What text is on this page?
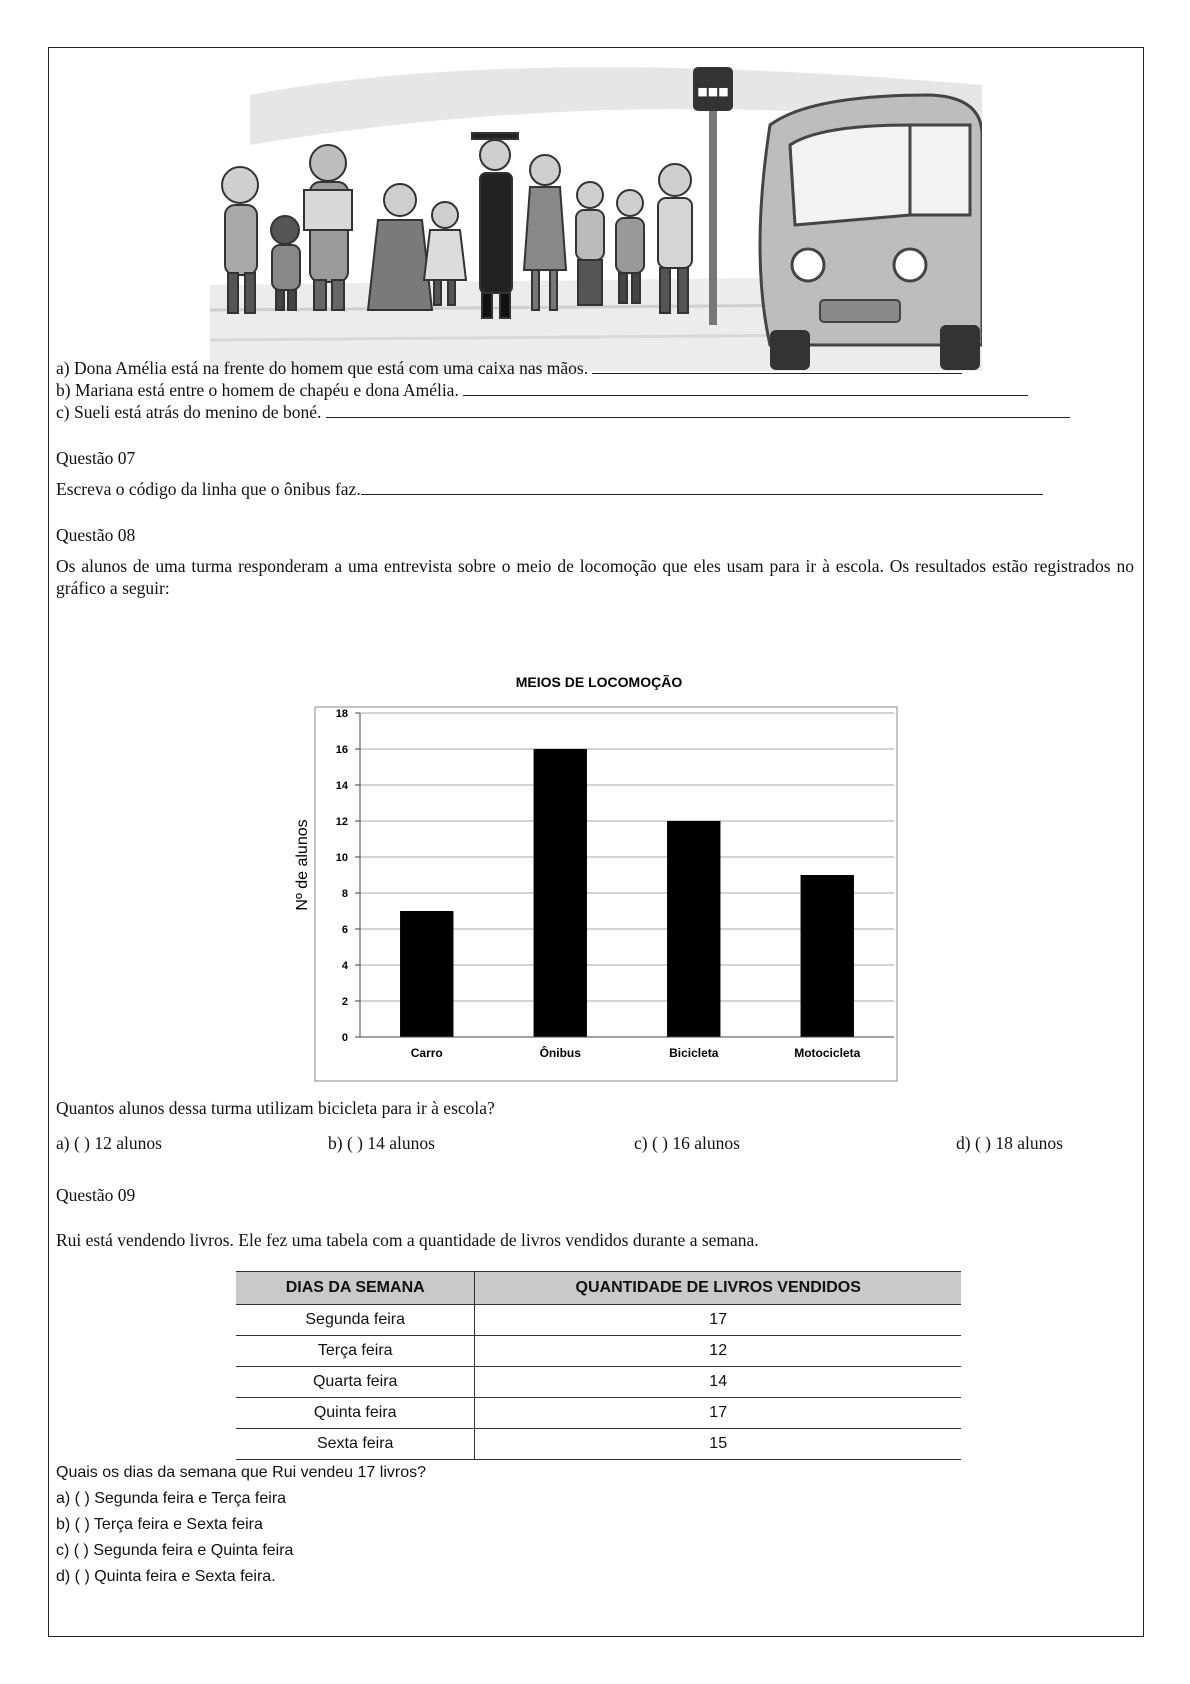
■■■
a) Dona Amélia está na frente do homem que está com uma caixa nas mãos.
b) Mariana está entre o homem de chapéu e dona Amélia.
c) Sueli está atrás do menino de boné.
Questão 07
Escreva o código da linha que o ônibus faz.
Questão 08
Os alunos de uma turma responderam a uma entrevista sobre o meio de locomoção que eles usam para ir à escola. Os resultados estão registrados no gráfico a seguir:
MEIOS DE LOCOMOÇÃO
Nº de alunos
0
2
4
6
8
10
12
14
16
18
Carro	Ônibus	Bicicleta	Motocicleta
Quantos alunos dessa turma utilizam bicicleta para ir à escola?
a) ( ) 12 alunos	b) ( ) 14 alunos	c) ( ) 16 alunos	d) ( ) 18 alunos
Questão 09
Rui está vendendo livros. Ele fez uma tabela com a quantidade de livros vendidos durante a semana.
DIAS DA SEMANA	QUANTIDADE DE LIVROS VENDIDOS
Segunda feira	17
Terça feira	12
Quarta feira	14
Quinta feira	17
Sexta feira	15
Quais os dias da semana que Rui vendeu 17 livros?
a) ( ) Segunda feira e Terça feira
b) ( ) Terça feira e Sexta feira
c) ( ) Segunda feira e Quinta feira
d) ( ) Quinta feira e Sexta feira.
